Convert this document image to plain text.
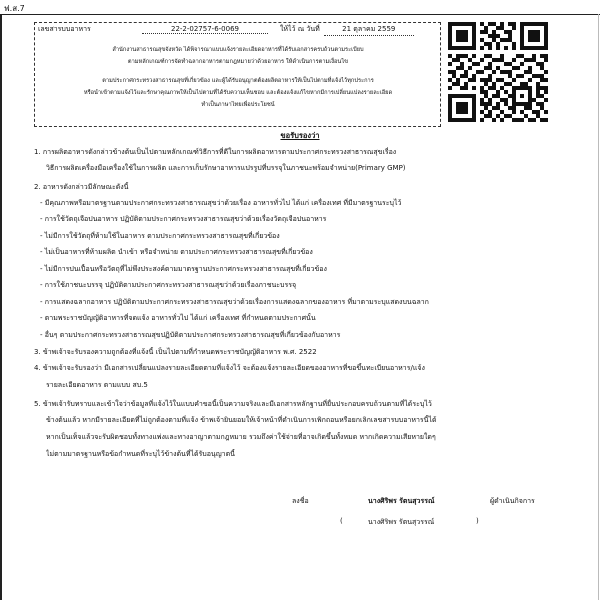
ฟ.ส.7
เลขสารบบอาหาร	22-2-02757-6-0069	ให้ไว้ ณ วันที่	21 ตุลาคม 2559
สำนักงานสาธารณสุขจังหวัด ได้พิจารณาแบบแจ้งรายละเอียดอาหารที่ได้รับเอกสารครบถ้วนตามระเบียบ
ตามหลักเกณฑ์การจัดทำฉลากอาหารตามกฎหมายว่าด้วยอาหาร ให้ดำเนินการตามเงื่อนไข
ตามประกาศกระทรวงสาธารณสุขที่เกี่ยวข้อง และผู้ได้รับอนุญาตต้องผลิตอาหารให้เป็นไปตามที่แจ้งไว้ทุกประการ
หรือนำเข้าตามแจ้งไว้และรักษาคุณภาพให้เป็นไปตามที่ได้รับความเห็นชอบ และต้องแจ้งแก้ไขหากมีการเปลี่ยนแปลงรายละเอียด
ทำเป็นภาษาไทยเพื่อประโยชน์
ขอรับรองว่า
1. การผลิตอาหารดังกล่าวข้างต้นเป็นไปตามหลักเกณฑ์วิธีการที่ดีในการผลิตอาหารตามประกาศกระทรวงสาธารณสุขเรื่อง
วิธีการผลิตเครื่องมือเครื่องใช้ในการผลิต และการเก็บรักษาอาหารแปรรูปที่บรรจุในภาชนะพร้อมจำหน่าย(Primary GMP)
2. อาหารดังกล่าวมีลักษณะดังนี้
- มีคุณภาพหรือมาตรฐานตามประกาศกระทรวงสาธารณสุขว่าด้วยเรื่อง อาหารทั่วไป ได้แก่ เครื่องเทศ ที่มีมาตรฐานระบุไว้
- การใช้วัตถุเจือปนอาหาร ปฏิบัติตามประกาศกระทรวงสาธารณสุขว่าด้วยเรื่องวัตถุเจือปนอาหาร
- ไม่มีการใช้วัตถุที่ห้ามใช้ในอาหาร ตามประกาศกระทรวงสาธารณสุขที่เกี่ยวข้อง
- ไม่เป็นอาหารที่ห้ามผลิต นำเข้า หรือจำหน่าย ตามประกาศกระทรวงสาธารณสุขที่เกี่ยวข้อง
- ไม่มีการปนเปื้อนหรือวัตถุที่ไม่พึงประสงค์ตามมาตรฐานประกาศกระทรวงสาธารณสุขที่เกี่ยวข้อง
- การใช้ภาชนะบรรจุ ปฏิบัติตามประกาศกระทรวงสาธารณสุขว่าด้วยเรื่องภาชนะบรรจุ
- การแสดงฉลากอาหาร ปฏิบัติตามประกาศกระทรวงสาธารณสุขว่าด้วยเรื่องการแสดงฉลากของอาหาร ที่มาตามระบุแสดงบนฉลาก
- ตามพระราชบัญญัติอาหารที่จดแจ้ง อาหารทั่วไป ได้แก่ เครื่องเทศ ที่กำหนดตามประกาศนั้น
- อื่นๆ ตามประกาศกระทรวงสาธารณสุขปฏิบัติตามประกาศกระทรวงสาธารณสุขที่เกี่ยวข้องกับอาหาร
3. ข้าพเจ้าจะรับรองความถูกต้องที่แจ้งนี้ เป็นไปตามที่กำหนดพระราชบัญญัติอาหาร พ.ศ. 2522
4. ข้าพเจ้าจะรับรองว่า มีเอกสารเปลี่ยนแปลงรายละเอียดตามที่แจ้งไว้ จะต้องแจ้งรายละเอียดของอาหารที่ขอขึ้นทะเบียนอาหาร/แจ้ง
รายละเอียดอาหาร ตามแบบ สบ.5
5. ข้าพเจ้ารับทราบและเข้าใจว่าข้อมูลที่แจ้งไว้ในแบบคำขอนี้เป็นความจริงและมีเอกสารหลักฐานที่ยื่นประกอบครบถ้วนตามที่ได้ระบุไว้
ข้างต้นแล้ว หากมีรายละเอียดที่ไม่ถูกต้องตามที่แจ้ง ข้าพเจ้ายินยอมให้เจ้าหน้าที่ดำเนินการเพิกถอนหรือยกเลิกเลขสารบบอาหารนี้ได้
หากเป็นเท็จแล้วจะรับผิดชอบทั้งทางแพ่งและทางอาญาตามกฎหมาย รวมถึงค่าใช้จ่ายที่อาจเกิดขึ้นทั้งหมด หากเกิดความเสียหายใดๆ
ไม่ตามมาตรฐานหรือข้อกำหนดที่ระบุไว้ข้างต้นที่ได้รับอนุญาตนี้
ลงชื่อ	นางศิริพร รัตนสุวรรณ์	ผู้ดำเนินกิจการ
(	นางศิริพร รัตนสุวรรณ์	)
